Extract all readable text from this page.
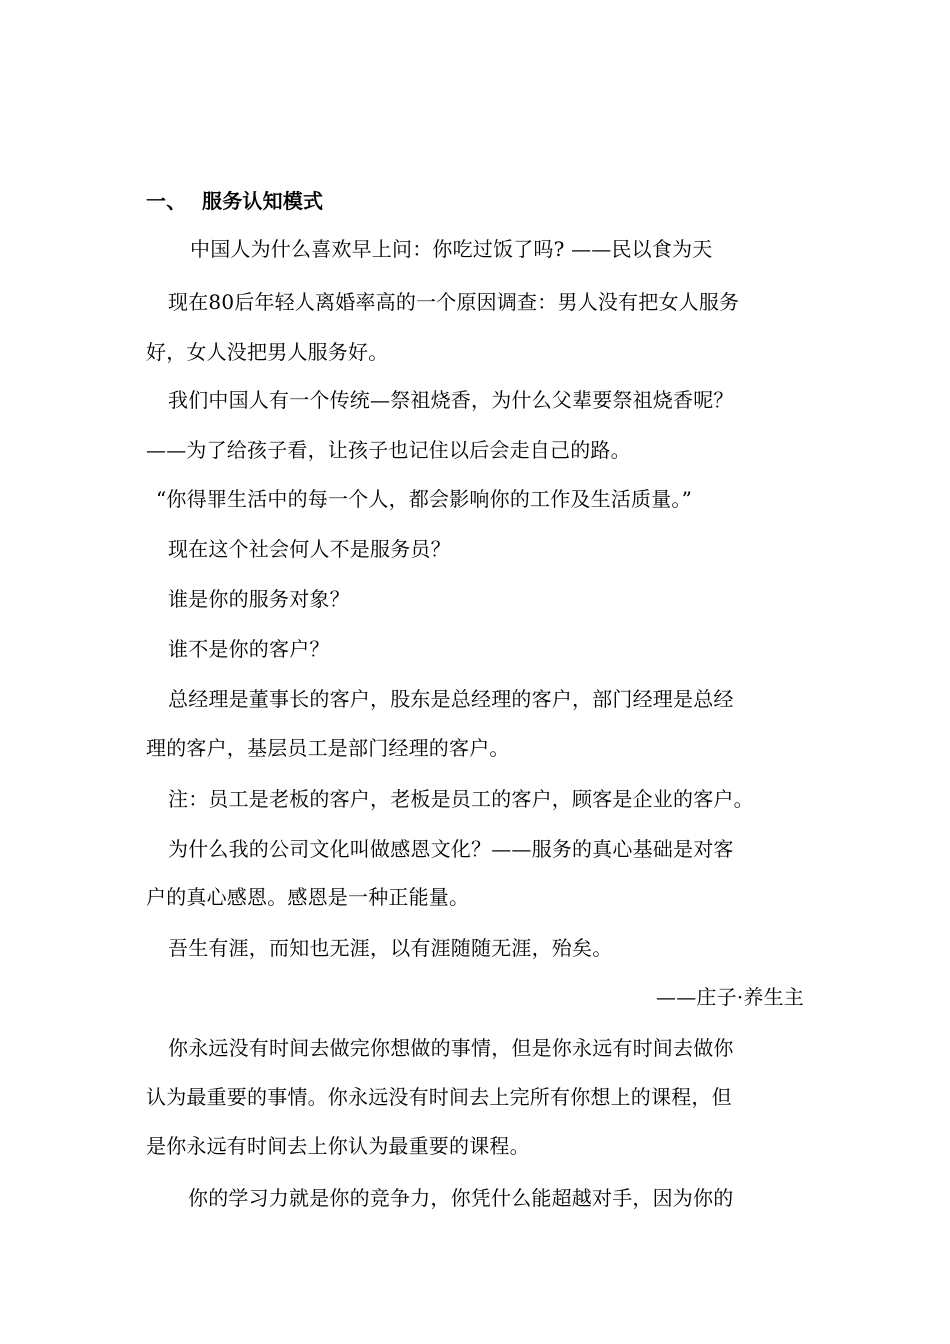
一、 服务认知模式
中国人为什么喜欢早上问：你吃过饭了吗? ——民以食为天
现在80后年轻人离婚率高的一个原因调查：男人没有把女人服务
好，女人没把男人服务好。
我们中国人有一个传统—祭祖烧香，为什么父辈要祭祖烧香呢？
——为了给孩子看，让孩子也记住以后会走自己的路。
“你得罪生活中的每一个人，都会影响你的工作及生活质量。”
现在这个社会何人不是服务员？
谁是你的服务对象？
谁不是你的客户？
总经理是董事长的客户，股东是总经理的客户，部门经理是总经
理的客户，基层员工是部门经理的客户。
注：员工是老板的客户，老板是员工的客户，顾客是企业的客户。
为什么我的公司文化叫做感恩文化？——服务的真心基础是对客
户的真心感恩。感恩是一种正能量。
吾生有涯，而知也无涯，以有涯随随无涯，殆矣。
——庄子·养生主
你永远没有时间去做完你想做的事情，但是你永远有时间去做你
认为最重要的事情。你永远没有时间去上完所有你想上的课程，但
是你永远有时间去上你认为最重要的课程。
你的学习力就是你的竞争力，你凭什么能超越对手，因为你的
